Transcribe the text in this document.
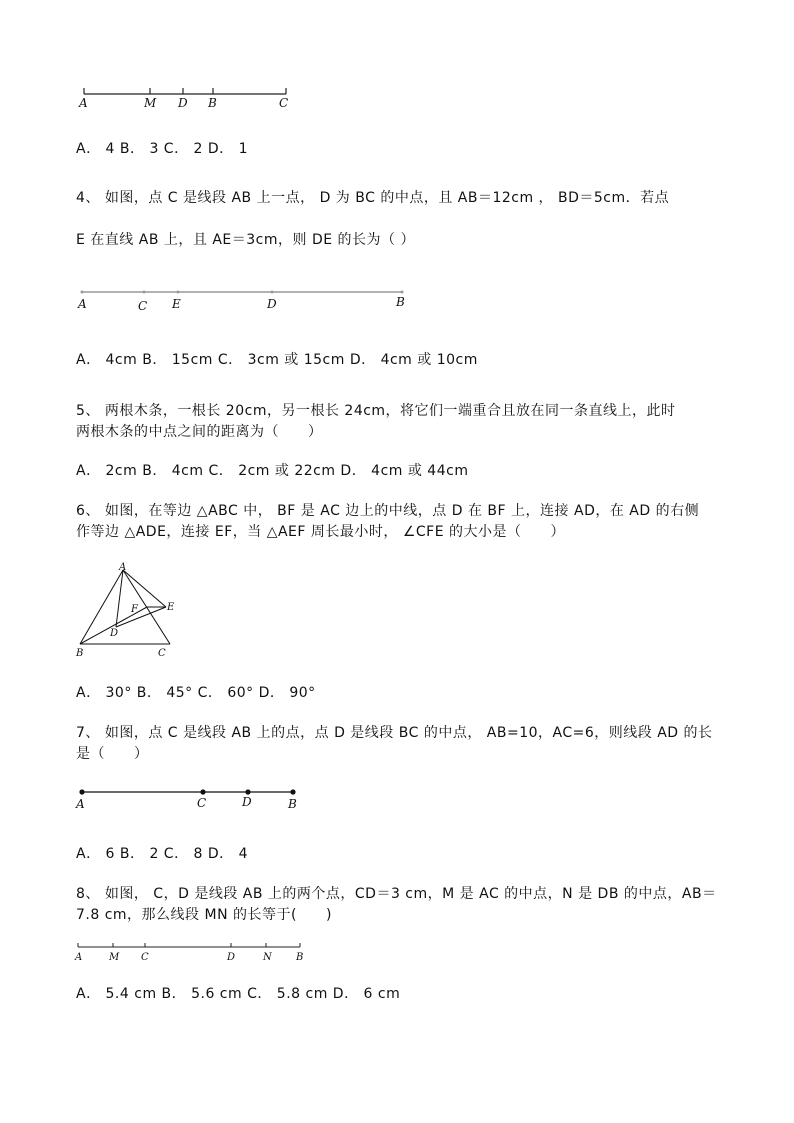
A	M D B	C
A． 4 B． 3 C． 2 D． 1
4、 如图，点 C 是线段 AB 上一点， D 为 BC 的中点，且 AB＝12cm ， BD＝5cm．若点
E 在直线 AB 上，且 AE＝3cm，则 DE 的长为（ ）
A	C E	D	B
A． 4cm B． 15cm C． 3cm 或 15cm D． 4cm 或 10cm
5、 两根木条，一根长 20cm，另一根长 24cm，将它们一端重合且放在同一条直线上，此时
两根木条的中点之间的距离为（　　）
A． 2cm B． 4cm C． 2cm 或 22cm D． 4cm 或 44cm
6、 如图，在等边 △ABC 中， BF 是 AC 边上的中线，点 D 在 BF 上，连接 AD，在 AD 的右侧
作等边 △ADE，连接 EF，当 △AEF 周长最小时， ∠CFE 的大小是（　　）
A
E
F
D
B	C
A． 30° B． 45° C． 60° D． 90°
7、 如图，点 C 是线段 AB 上的点，点 D 是线段 BC 的中点， AB=10，AC=6，则线段 AD 的长
是（　　）
A	C	D	B
A． 6 B． 2 C． 8 D． 4
8、 如图， C，D 是线段 AB 上的两个点，CD＝3 cm，M 是 AC 的中点，N 是 DB 的中点，AB＝
7.8 cm，那么线段 MN 的长等于(　　)
A	M C	D	N B
A． 5.4 cm B． 5.6 cm C． 5.8 cm D． 6 cm
